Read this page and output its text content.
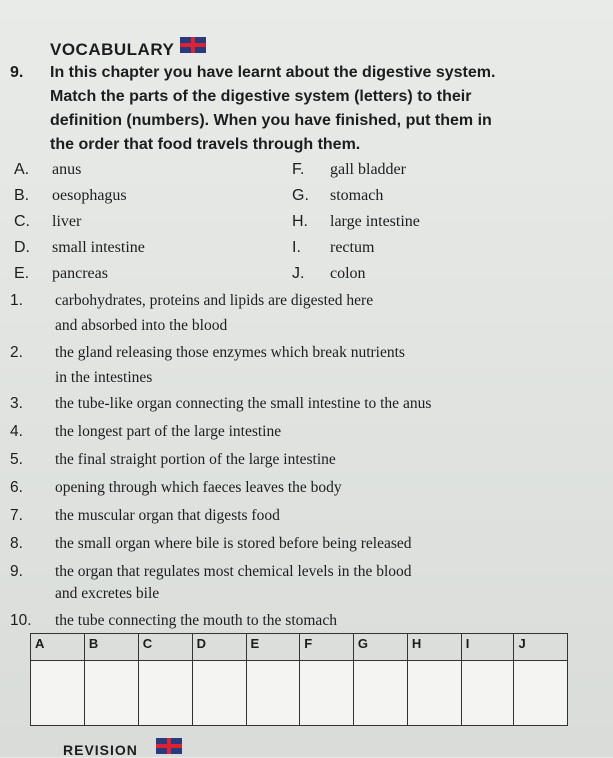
VOCABULARY
9. In this chapter you have learnt about the digestive system.
Match the parts of the digestive system (letters) to their
definition (numbers). When you have finished, put them in
the order that food travels through them.
A. anus
B. oesophagus
C. liver
D. small intestine
E. pancreas
F. gall bladder
G. stomach
H. large intestine
I. rectum
J. colon
1.	carbohydrates, proteins and lipids are digested here
and absorbed into the blood
2.	the gland releasing those enzymes which break nutrients
in the intestines
3.	the tube-like organ connecting the small intestine to the anus
4.	the longest part of the large intestine
5.	the final straight portion of the large intestine
6.	opening through which faeces leaves the body
7.	the muscular organ that digests food
8.	the small organ where bile is stored before being released
9.	the organ that regulates most chemical levels in the blood
and excretes bile
10.	the tube connecting the mouth to the stomach
A	B	C	D	E	F	G	H	I	J

REVISION
